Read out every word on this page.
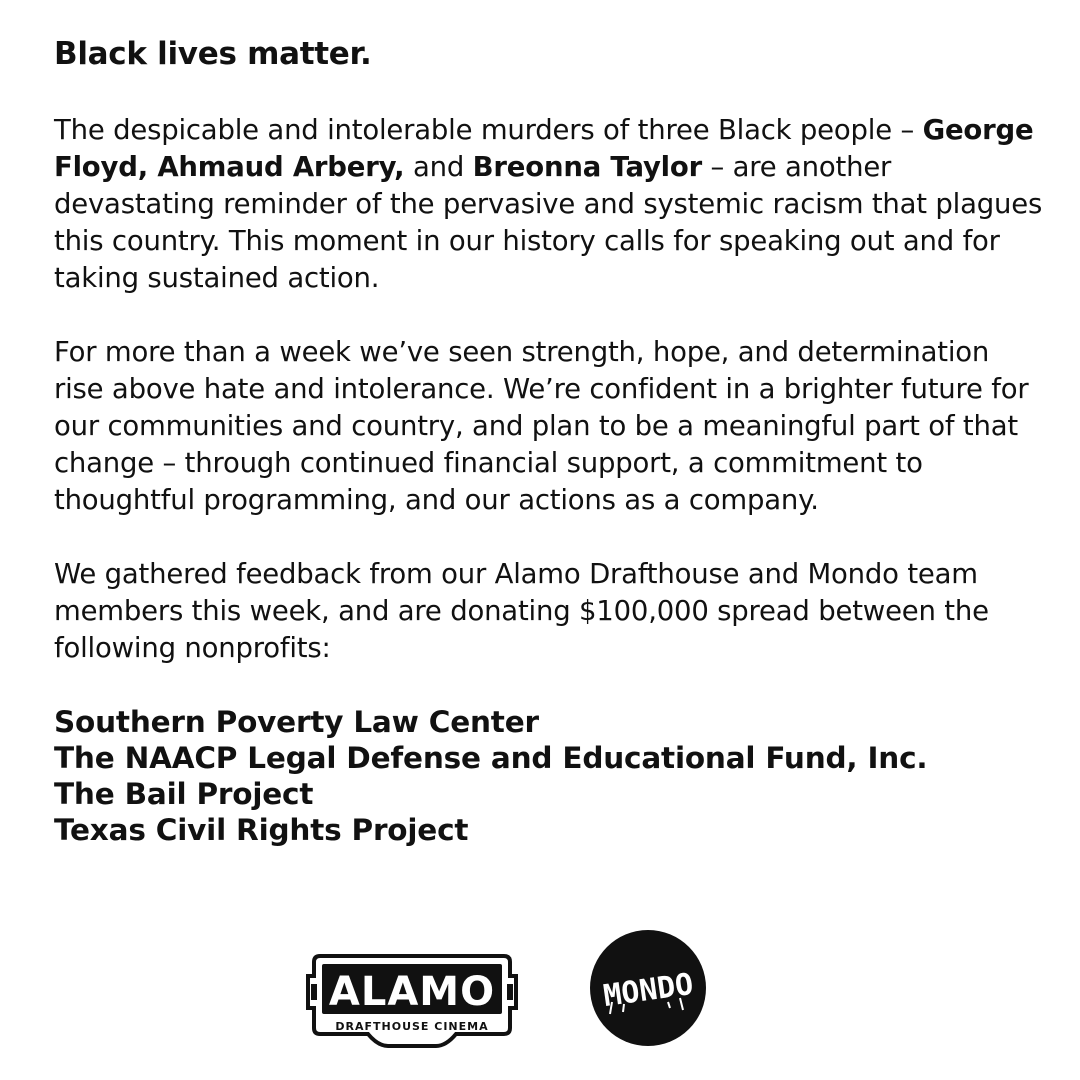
Black lives matter.

The despicable and intolerable murders of three Black people – George Floyd, Ahmaud Arbery, and Breonna Taylor – are another devastating reminder of the pervasive and systemic racism that plagues this country. This moment in our history calls for speaking out and for taking sustained action.

For more than a week we’ve seen strength, hope, and determination rise above hate and intolerance. We’re confident in a brighter future for our communities and country, and plan to be a meaningful part of that change – through continued financial support, a commitment to thoughtful programming, and our actions as a company.

We gathered feedback from our Alamo Drafthouse and Mondo team members this week, and are donating $100,000 spread between the following nonprofits:

Southern Poverty Law Center
The NAACP Legal Defense and Educational Fund, Inc.
The Bail Project
Texas Civil Rights Project
ALAMO
DRAFTHOUSE CINEMA
MONDO
